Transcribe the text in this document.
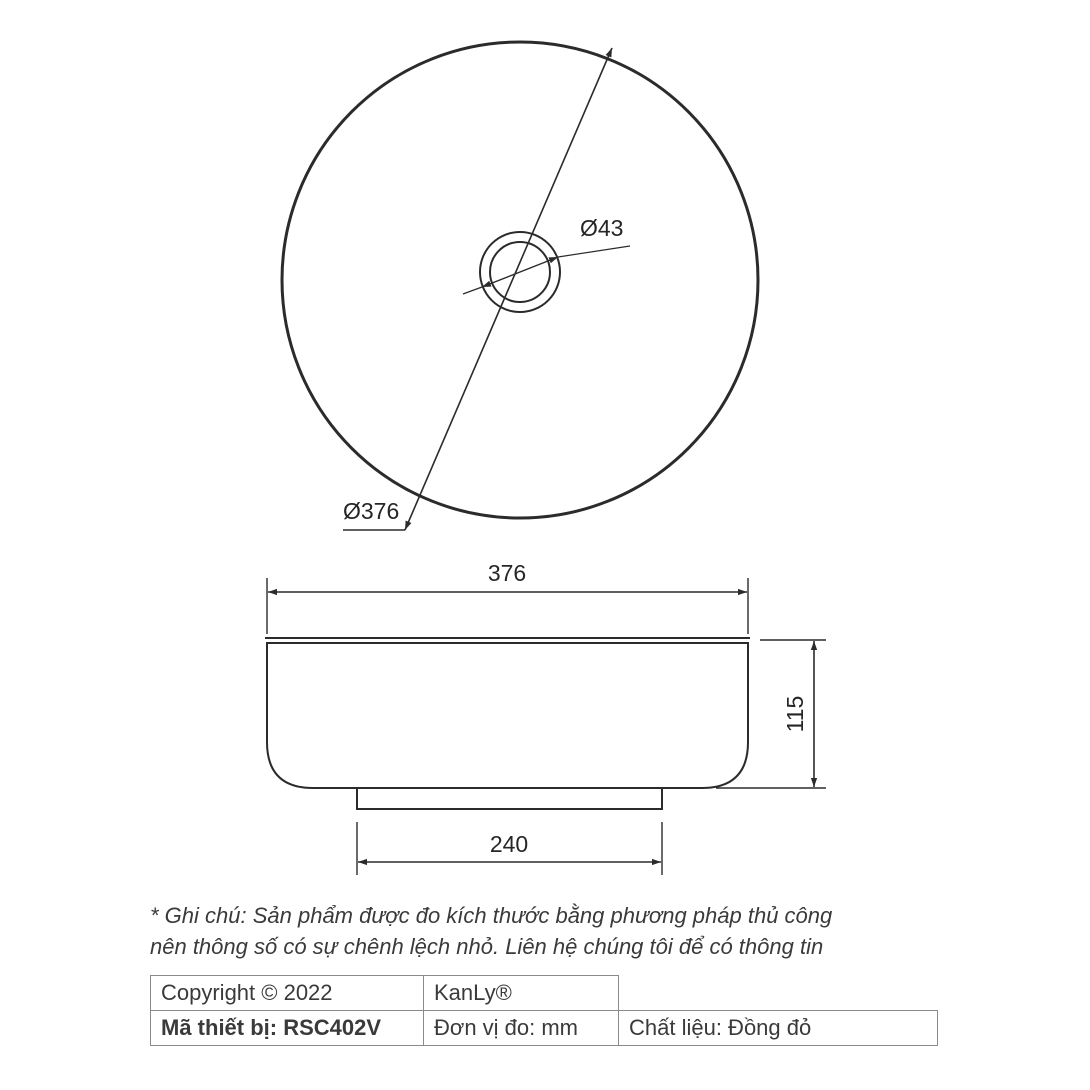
Ø376
Ø43
376
115
240
* Ghi chú: Sản phẩm được đo kích thước bằng phương pháp thủ công
nên thông số có sự chênh lệch nhỏ. Liên hệ chúng tôi để có thông tin
Copyright © 2022	KanLy®	
Mã thiết bị: RSC402V	Đơn vị đo: mm	Chất liệu: Đồng đỏ
